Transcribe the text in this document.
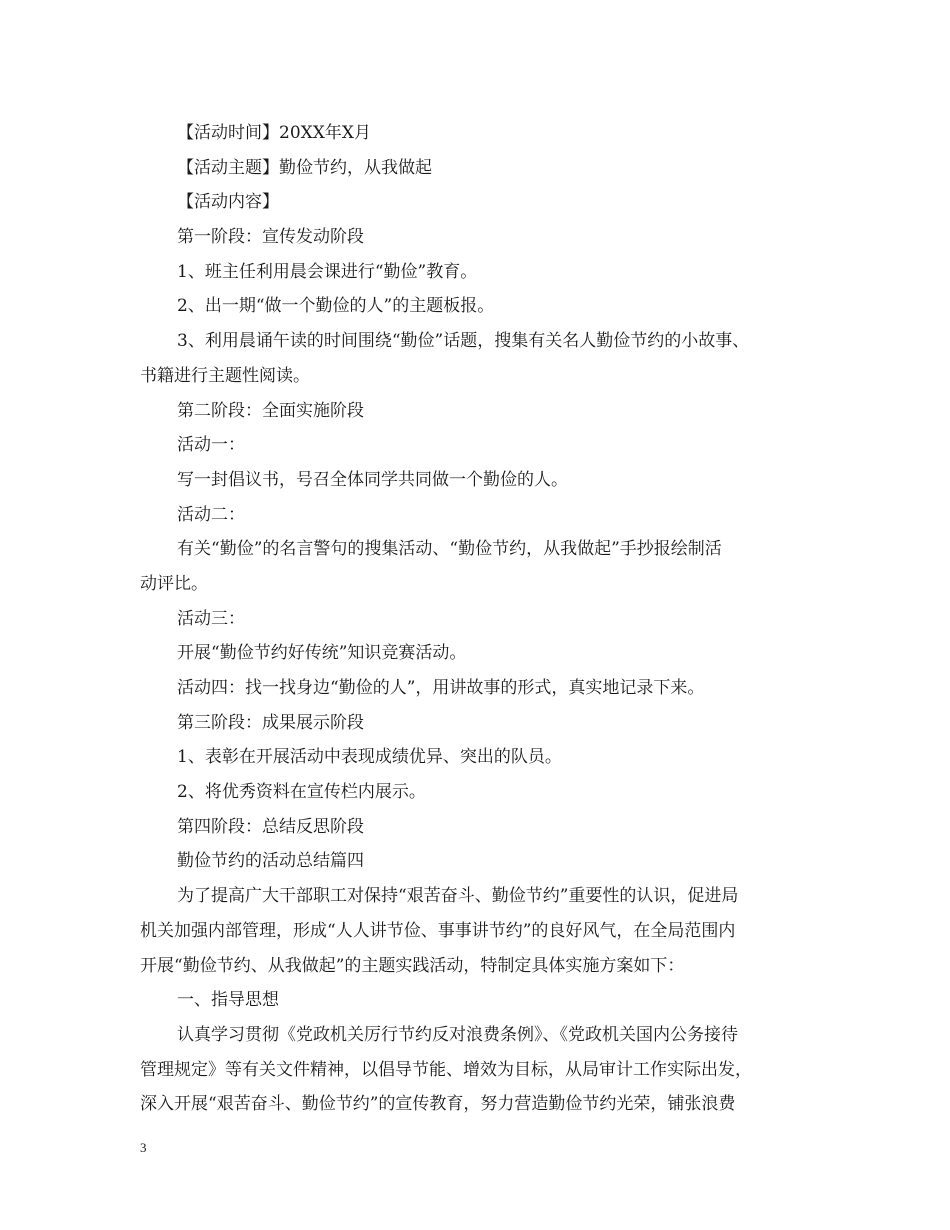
【活动时间】20XX年X月
【活动主题】勤俭节约，从我做起
【活动内容】
第一阶段：宣传发动阶段
1、班主任利用晨会课进行“勤俭”教育。
2、出一期“做一个勤俭的人”的主题板报。
3、利用晨诵午读的时间围绕“勤俭”话题，搜集有关名人勤俭节约的小故事、
书籍进行主题性阅读。
第二阶段：全面实施阶段
活动一：
写一封倡议书，号召全体同学共同做一个勤俭的人。
活动二：
有关“勤俭”的名言警句的搜集活动、“勤俭节约，从我做起”手抄报绘制活
动评比。
活动三：
开展“勤俭节约好传统”知识竞赛活动。
活动四：找一找身边“勤俭的人”，用讲故事的形式，真实地记录下来。
第三阶段：成果展示阶段
1、表彰在开展活动中表现成绩优异、突出的队员。
2、将优秀资料在宣传栏内展示。
第四阶段：总结反思阶段
勤俭节约的活动总结篇四
为了提高广大干部职工对保持“艰苦奋斗、勤俭节约”重要性的认识，促进局
机关加强内部管理，形成“人人讲节俭、事事讲节约”的良好风气，在全局范围内
开展“勤俭节约、从我做起”的主题实践活动，特制定具体实施方案如下：
一、指导思想
认真学习贯彻《党政机关厉行节约反对浪费条例》、《党政机关国内公务接待
管理规定》等有关文件精神，以倡导节能、增效为目标，从局审计工作实际出发，
深入开展“艰苦奋斗、勤俭节约”的宣传教育，努力营造勤俭节约光荣，铺张浪费
3
